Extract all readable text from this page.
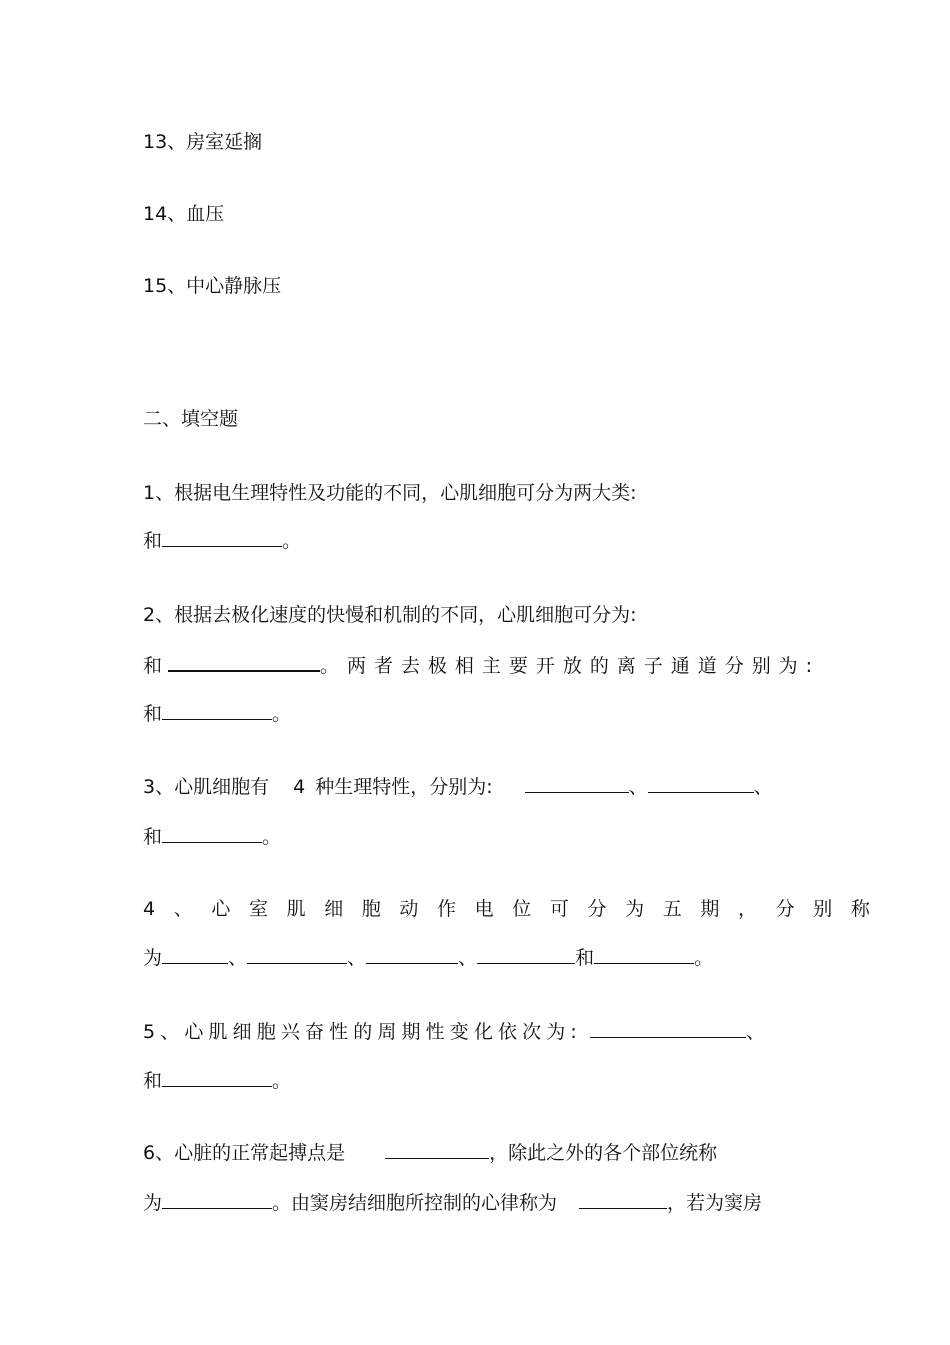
13、房室延搁
14、血压
15、中心静脉压
二、填空题
1、根据电生理特性及功能的不同，心肌细胞可分为两大类:
和	。
2、根据去极化速度的快慢和机制的不同，心肌细胞可分为:
和	。两者去极相主要开放的离子通道分别为:
和	。
3、心肌细胞有 4 种生理特性，分别为:	、	、
和	。
4、心室肌细胞动作电位可分为五期，分别称
为	、	、	、	和	。
5、心肌细胞兴奋性的周期性变化依次为:	、
和	。
6、心脏的正常起搏点是	，除此之外的各个部位统称
为	。由窦房结细胞所控制的心律称为	，若为窦房
